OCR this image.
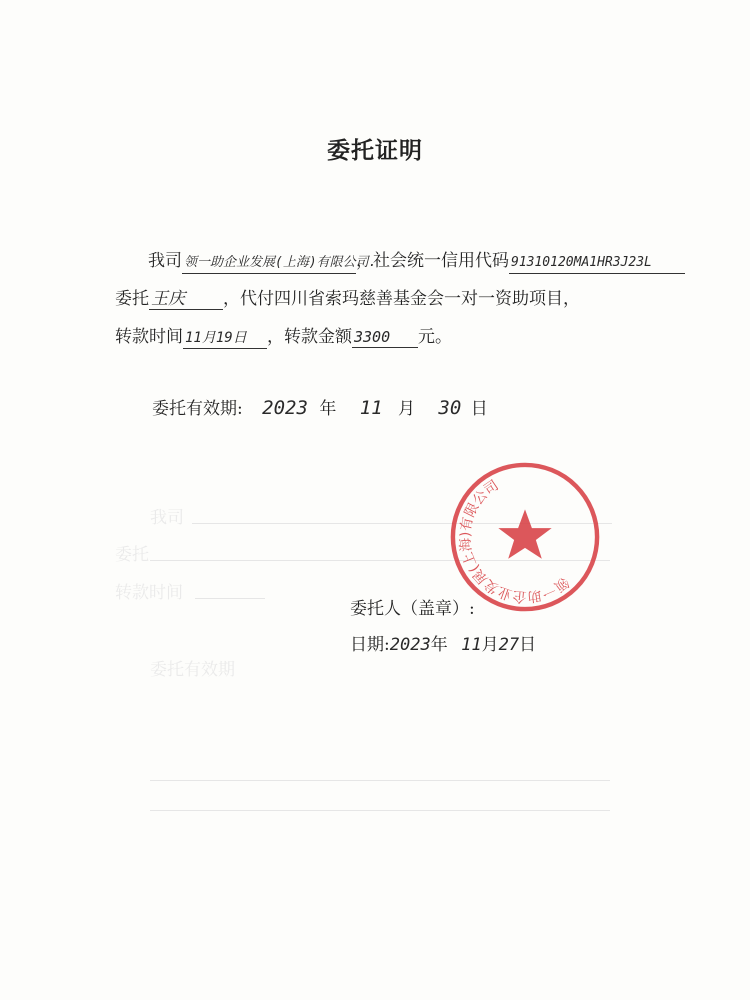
我司
委托
转款时间
委托有效期
委托证明
我司 领一助企业发展(上海)有限公司.，社会统一信用代码 91310120MA1HR3J23L
委托 王庆 ，代付四川省索玛慈善基金会一对一资助项目，
转款时间 11月19日 ，转款金额 3300 元。
委托有效期: 2023 年 11 月 30 日
领一助企业发展(上海)有限公司
委托人（盖章）:
日期:2023年 11月27日
